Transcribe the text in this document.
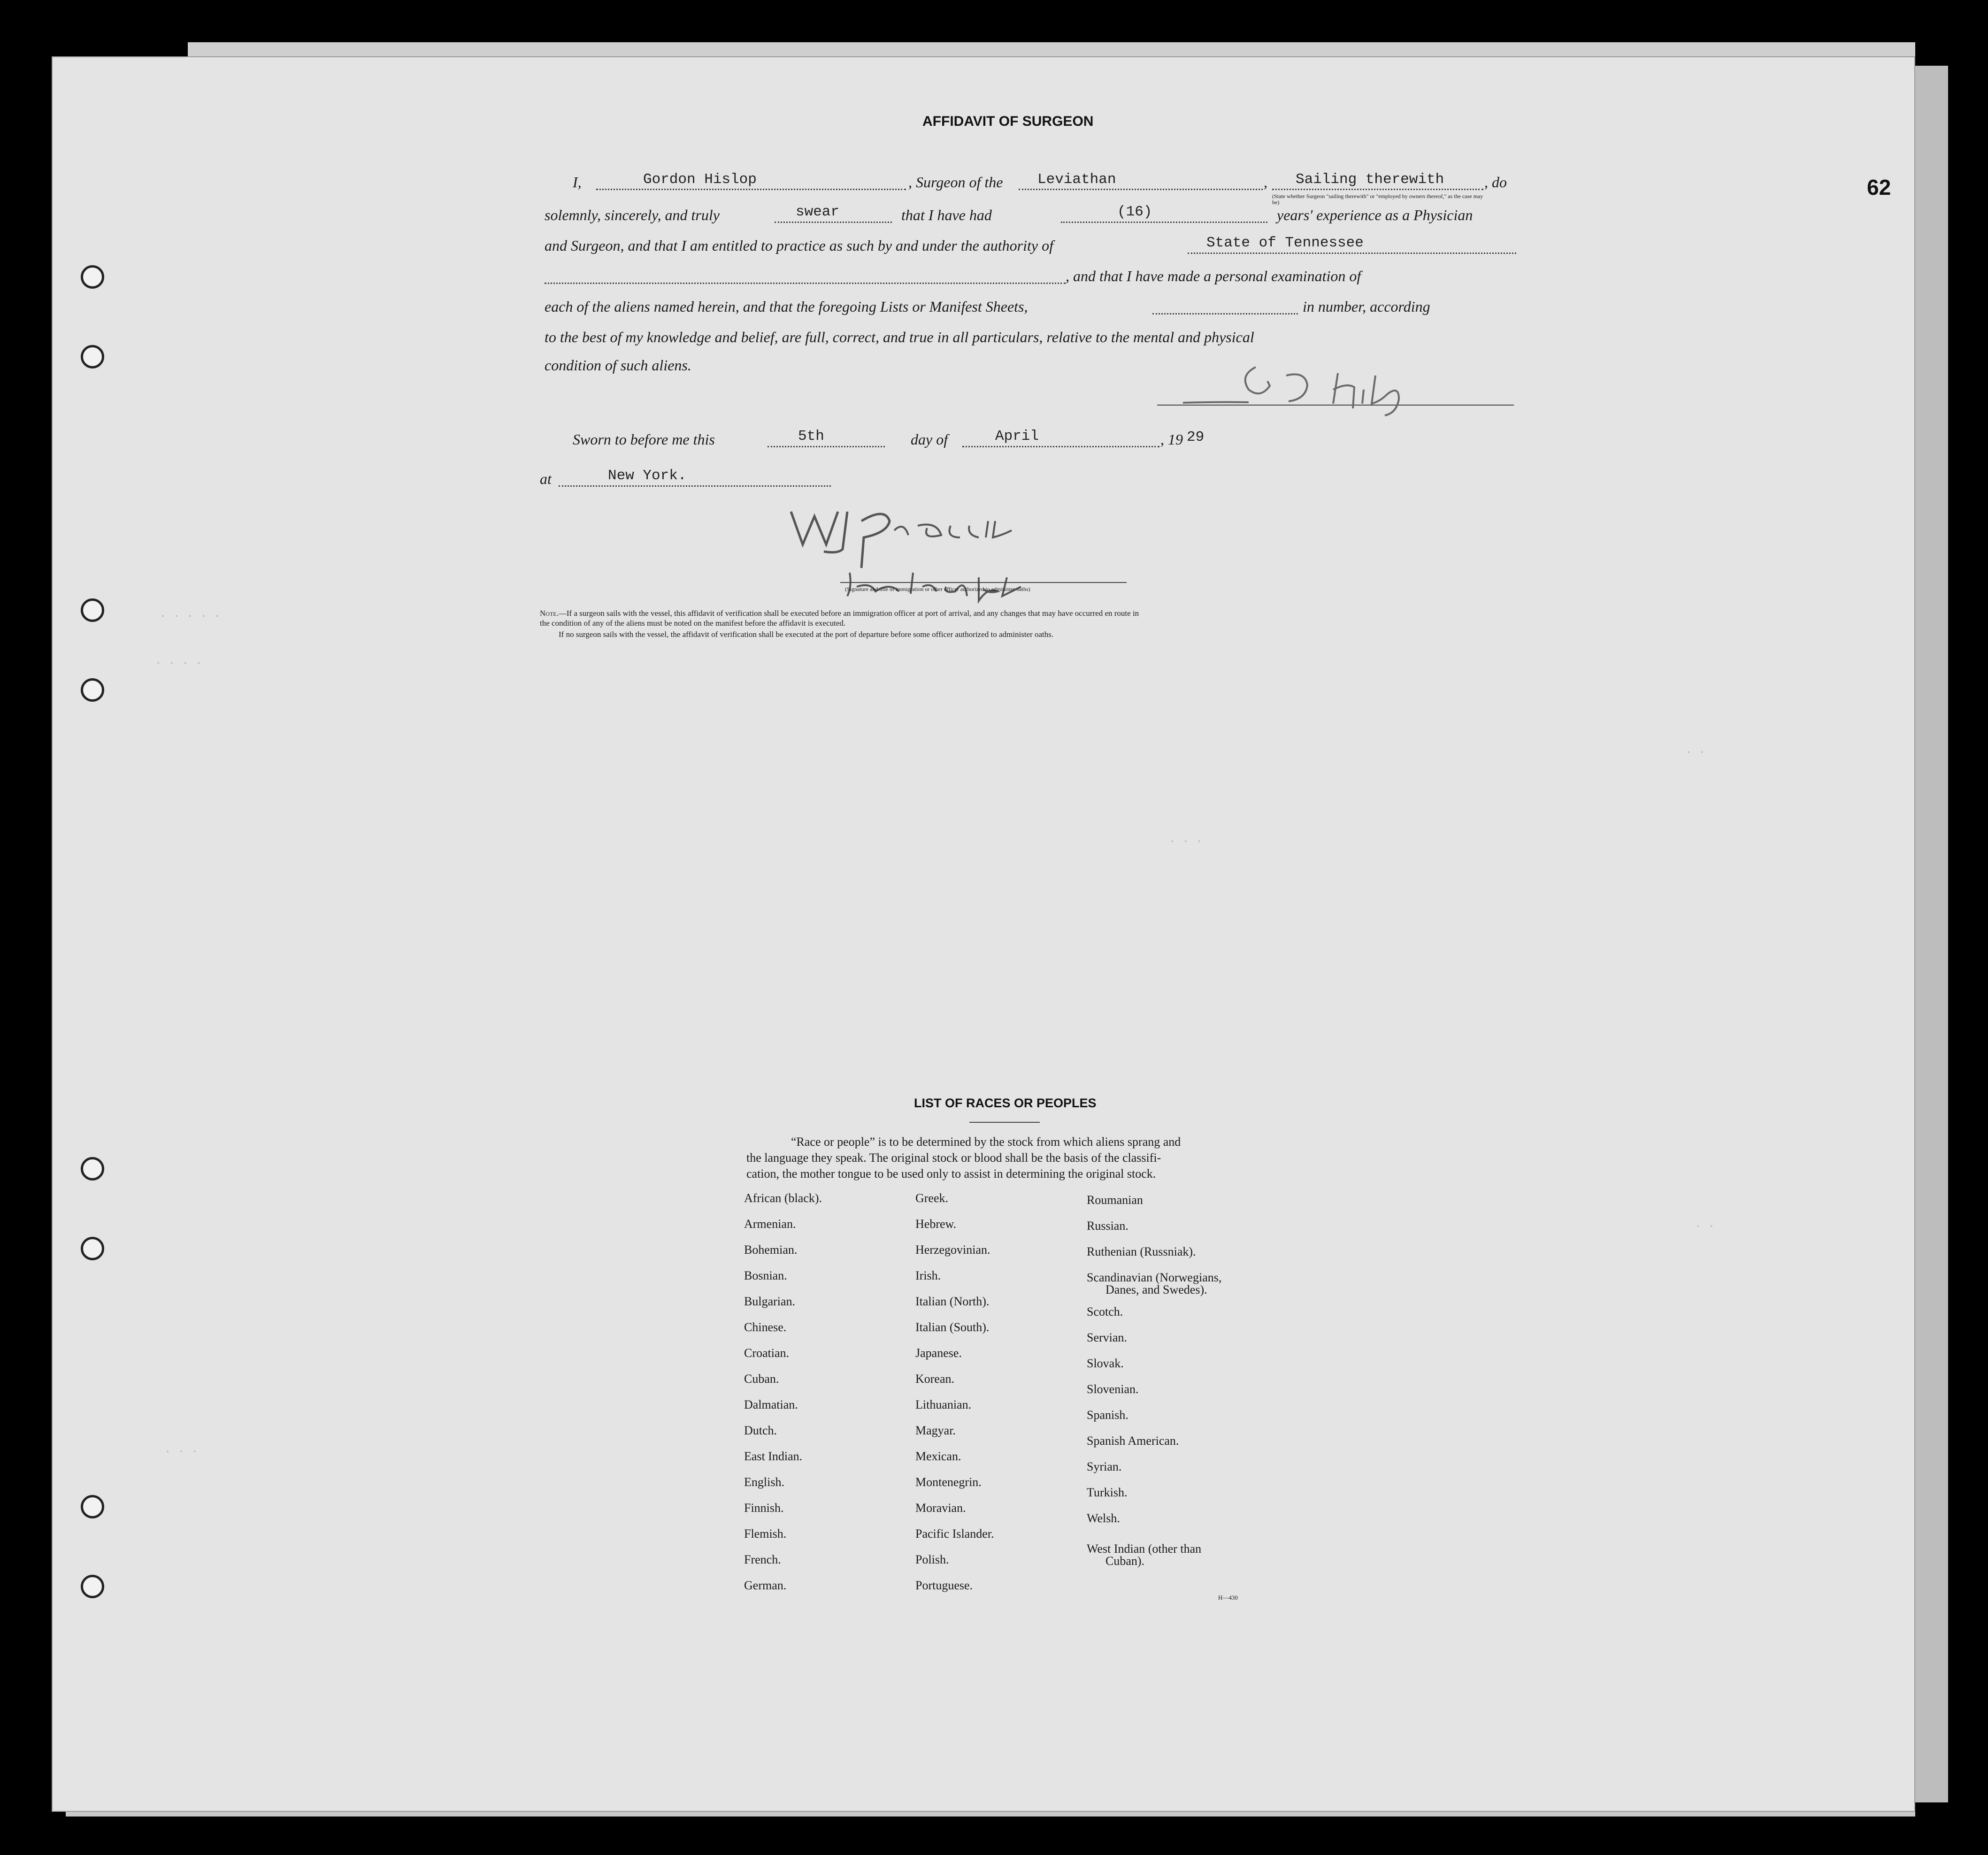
· · · · ·
· · · ·
· · ·
· ·
· ·
· · ·
62
AFFIDAVIT OF SURGEON
I,	Gordon Hislop	, Surgeon of the Leviathan	, Sailing therewith	, do
(State whether Surgeon "sailing therewith" or "employed by owners thereof," as the case may be)
solemnly, sincerely, and truly	swear	that I have had	(16)	years' experience as a Physician
and Surgeon, and that I am entitled to practice as such by and under the authority of	State of Tennessee
, and that I have made a personal examination of
each of the aliens named herein, and that the foregoing Lists or Manifest Sheets,	in number, according
to the best of my knowledge and belief, are full, correct, and true in all particulars, relative to the mental and physical
condition of such aliens.
Sworn to before me this	5th	day of	April	, 19 29
at	New York.
(Signature and title of immigration or other officer authorized to administer oaths)
Note.—If a surgeon sails with the vessel, this affidavit of verification shall be executed before an immigration officer at port of arrival, and any changes that may have occurred en route in
the condition of any of the aliens must be noted on the manifest before the affidavit is executed.
If no surgeon sails with the vessel, the affidavit of verification shall be executed at the port of departure before some officer authorized to administer oaths.
LIST OF RACES OR PEOPLES
“Race or people” is to be determined by the stock from which aliens sprang and
the language they speak. The original stock or blood shall be the basis of the classifi-
cation, the mother tongue to be used only to assist in determining the original stock.
African (black).
Armenian.
Bohemian.
Bosnian.
Bulgarian.
Chinese.
Croatian.
Cuban.
Dalmatian.
Dutch.
East Indian.
English.
Finnish.
Flemish.
French.
German.
Greek.
Hebrew.
Herzegovinian.
Irish.
Italian (North).
Italian (South).
Japanese.
Korean.
Lithuanian.
Magyar.
Mexican.
Montenegrin.
Moravian.
Pacific Islander.
Polish.
Portuguese.
Roumanian
Russian.
Ruthenian (Russniak).
Scandinavian (Norwegians,
Danes, and Swedes).
Scotch.
Servian.
Slovak.
Slovenian.
Spanish.
Spanish American.
Syrian.
Turkish.
Welsh.
West Indian (other than
Cuban).
H—430
